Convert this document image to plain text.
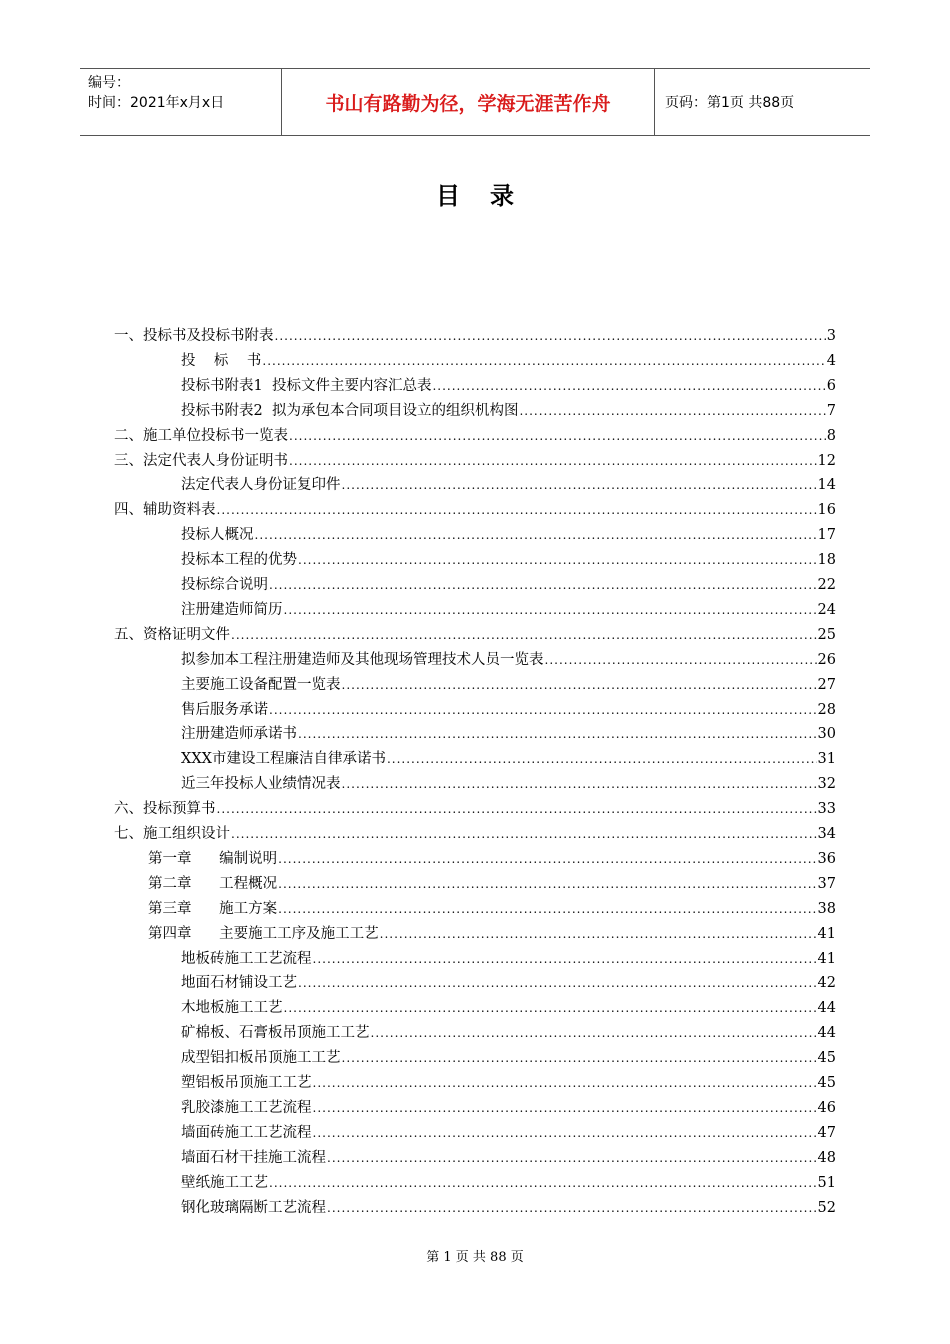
编号：
时间：2021年x月x日	书山有路勤为径，学海无涯苦作舟	页码：第1页 共88页
目录
一、投标书及投标书附表 .....	3
投    标    书 .....	4
投标书附表1  投标文件主要内容汇总表 .....	6
投标书附表2  拟为承包本合同项目设立的组织机构图 .....	7
二、施工单位投标书一览表 .....	8
三、法定代表人身份证明书 .....	12
法定代表人身份证复印件 .....	14
四、辅助资料表 .....	16
投标人概况 .....	17
投标本工程的优势 .....	18
投标综合说明 .....	22
注册建造师简历 .....	24
五、资格证明文件 .....	25
拟参加本工程注册建造师及其他现场管理技术人员一览表 .....	26
主要施工设备配置一览表 .....	27
售后服务承诺 .....	28
注册建造师承诺书 .....	30
XXX市建设工程廉洁自律承诺书 .....	31
近三年投标人业绩情况表 .....	32
六、投标预算书 .....	33
七、施工组织设计 .....	34
第一章      编制说明 .....	36
第二章      工程概况 .....	37
第三章      施工方案 .....	38
第四章      主要施工工序及施工工艺 .....	41
地板砖施工工艺流程 .....	41
地面石材铺设工艺 .....	42
木地板施工工艺 .....	44
矿棉板、石膏板吊顶施工工艺 .....	44
成型铝扣板吊顶施工工艺 .....	45
塑铝板吊顶施工工艺 .....	45
乳胶漆施工工艺流程 .....	46
墙面砖施工工艺流程 .....	47
墙面石材干挂施工流程 .....	48
壁纸施工工艺 .....	51
钢化玻璃隔断工艺流程 .....	52
第 1 页 共 88 页
